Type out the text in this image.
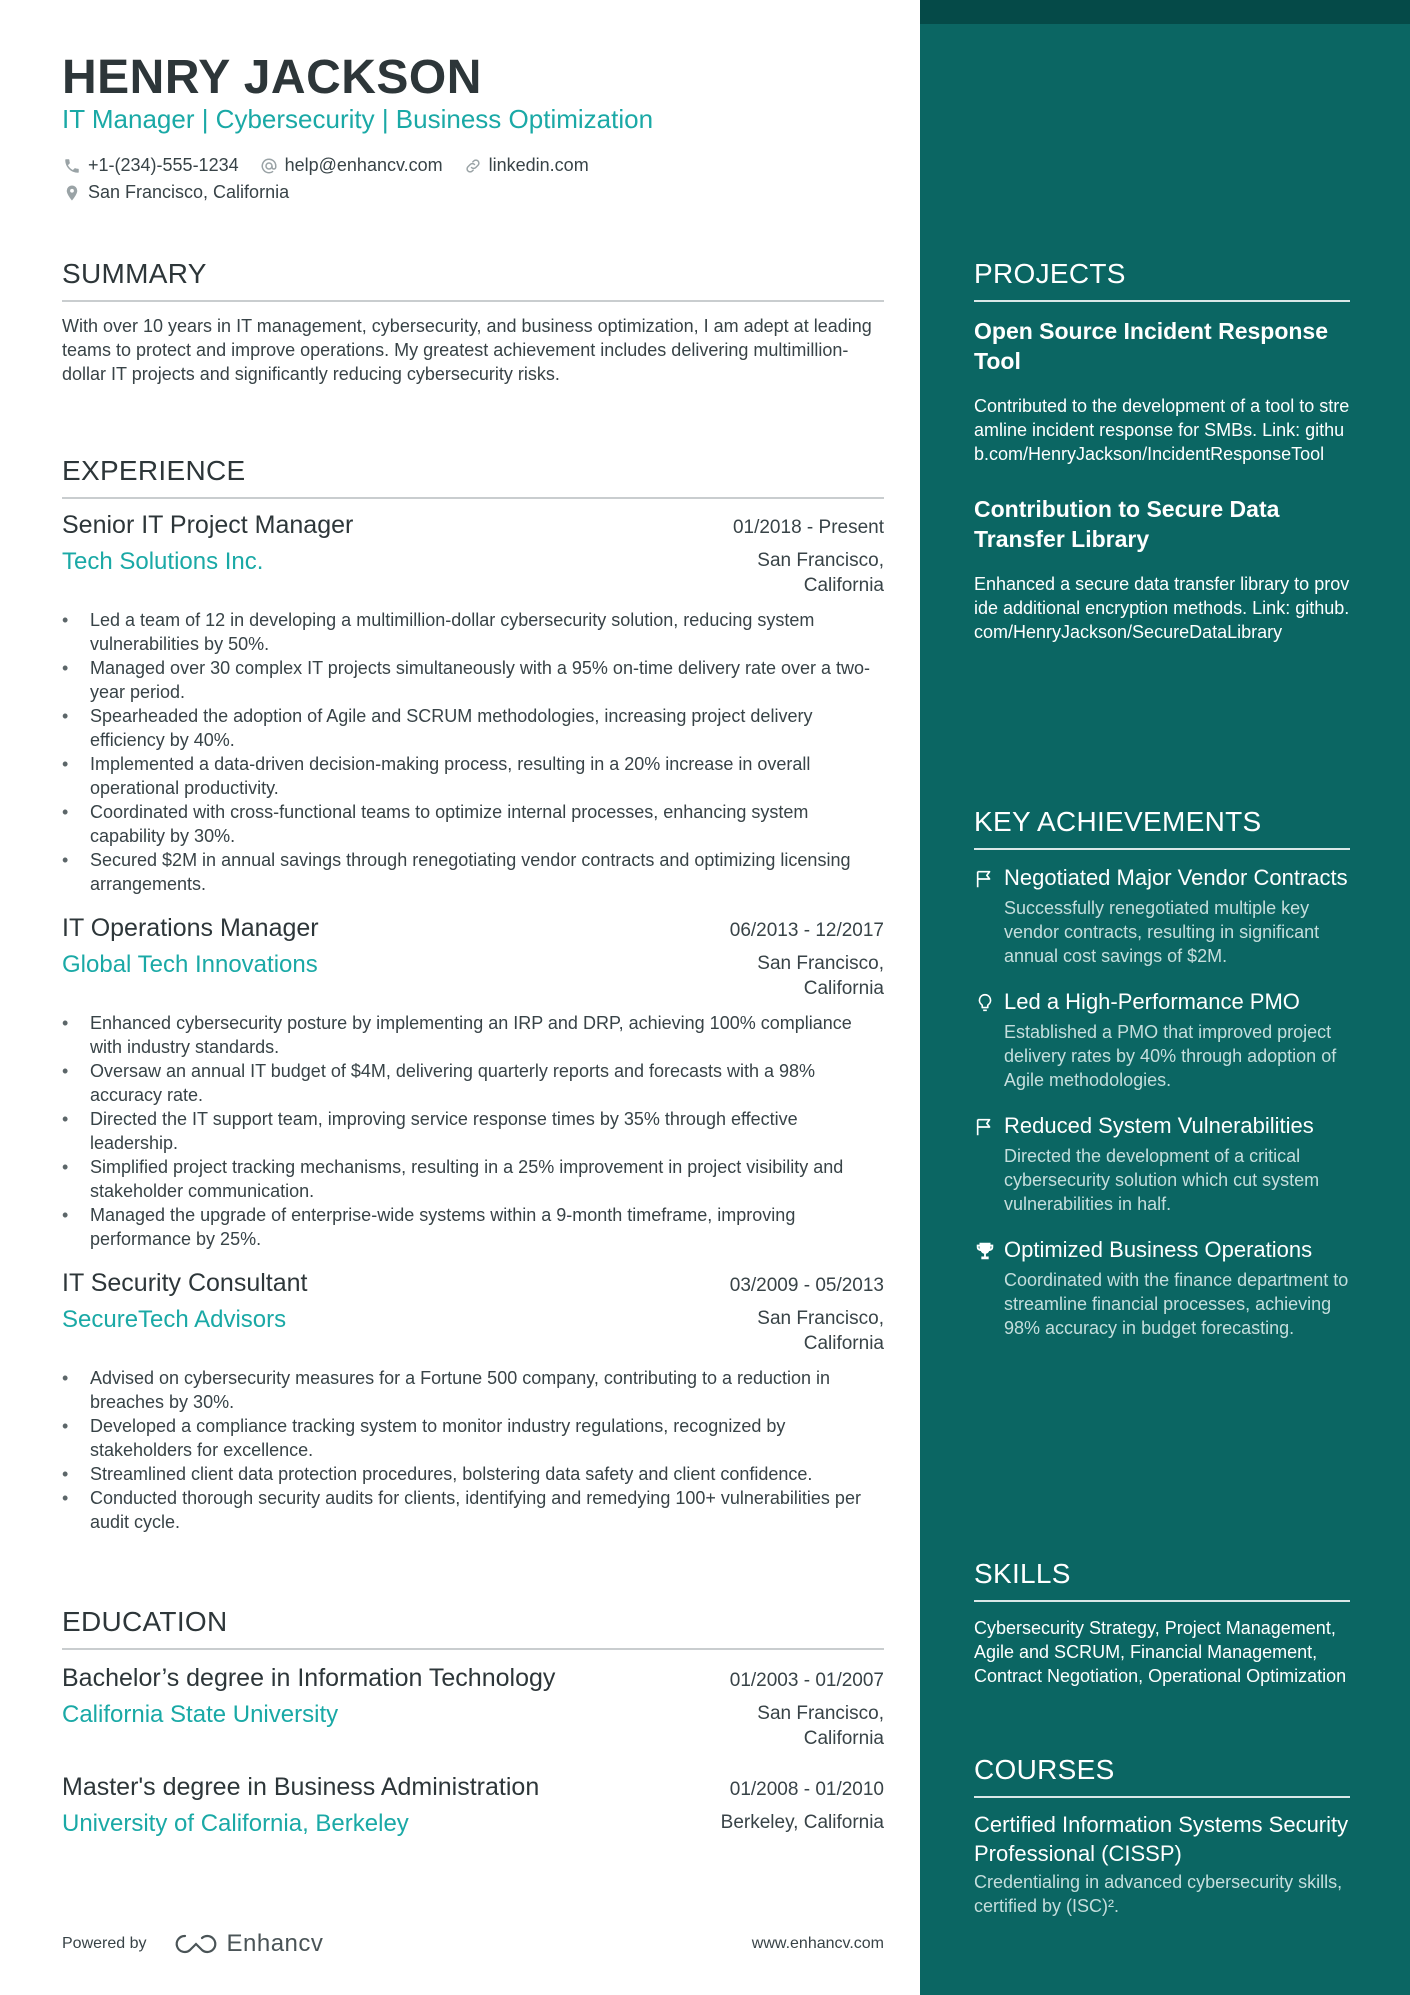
HENRY JACKSON
IT Manager | Cybersecurity | Business Optimization
+1-(234)-555-1234	help@enhancv.com	linkedin.com
San Francisco, California
SUMMARY
With over 10 years in IT management, cybersecurity, and business optimization, I am adept at leading teams to protect and improve operations. My greatest achievement includes delivering multimillion-dollar IT projects and significantly reducing cybersecurity risks.
EXPERIENCE
Senior IT Project Manager	01/2018 - Present
Tech Solutions Inc.	San Francisco, California
• Led a team of 12 in developing a multimillion-dollar cybersecurity solution, reducing system vulnerabilities by 50%.
• Managed over 30 complex IT projects simultaneously with a 95% on-time delivery rate over a two-year period.
• Spearheaded the adoption of Agile and SCRUM methodologies, increasing project delivery efficiency by 40%.
• Implemented a data-driven decision-making process, resulting in a 20% increase in overall operational productivity.
• Coordinated with cross-functional teams to optimize internal processes, enhancing system capability by 30%.
• Secured $2M in annual savings through renegotiating vendor contracts and optimizing licensing arrangements.
IT Operations Manager	06/2013 - 12/2017
Global Tech Innovations	San Francisco, California
• Enhanced cybersecurity posture by implementing an IRP and DRP, achieving 100% compliance with industry standards.
• Oversaw an annual IT budget of $4M, delivering quarterly reports and forecasts with a 98% accuracy rate.
• Directed the IT support team, improving service response times by 35% through effective leadership.
• Simplified project tracking mechanisms, resulting in a 25% improvement in project visibility and stakeholder communication.
• Managed the upgrade of enterprise-wide systems within a 9-month timeframe, improving performance by 25%.
IT Security Consultant	03/2009 - 05/2013
SecureTech Advisors	San Francisco, California
• Advised on cybersecurity measures for a Fortune 500 company, contributing to a reduction in breaches by 30%.
• Developed a compliance tracking system to monitor industry regulations, recognized by stakeholders for excellence.
• Streamlined client data protection procedures, bolstering data safety and client confidence.
• Conducted thorough security audits for clients, identifying and remedying 100+ vulnerabilities per audit cycle.
EDUCATION
Bachelor’s degree in Information Technology	01/2003 - 01/2007
California State University	San Francisco, California
Master's degree in Business Administration	01/2008 - 01/2010
University of California, Berkeley	Berkeley, California
Powered by	Enhancv	www.enhancv.com
PROJECTS
Open Source Incident Response Tool
Contributed to the development of a tool to streamline incident response for SMBs. Link: github.com/HenryJackson/IncidentResponseTool
Contribution to Secure Data Transfer Library
Enhanced a secure data transfer library to provide additional encryption methods. Link: github.com/HenryJackson/SecureDataLibrary
KEY ACHIEVEMENTS
Negotiated Major Vendor Contracts
Successfully renegotiated multiple key vendor contracts, resulting in significant annual cost savings of $2M.
Led a High-Performance PMO
Established a PMO that improved project delivery rates by 40% through adoption of Agile methodologies.
Reduced System Vulnerabilities
Directed the development of a critical cybersecurity solution which cut system vulnerabilities in half.
Optimized Business Operations
Coordinated with the finance department to streamline financial processes, achieving 98% accuracy in budget forecasting.
SKILLS
Cybersecurity Strategy, Project Management, Agile and SCRUM, Financial Management, Contract Negotiation, Operational Optimization
COURSES
Certified Information Systems Security Professional (CISSP)
Credentialing in advanced cybersecurity skills, certified by (ISC)².
